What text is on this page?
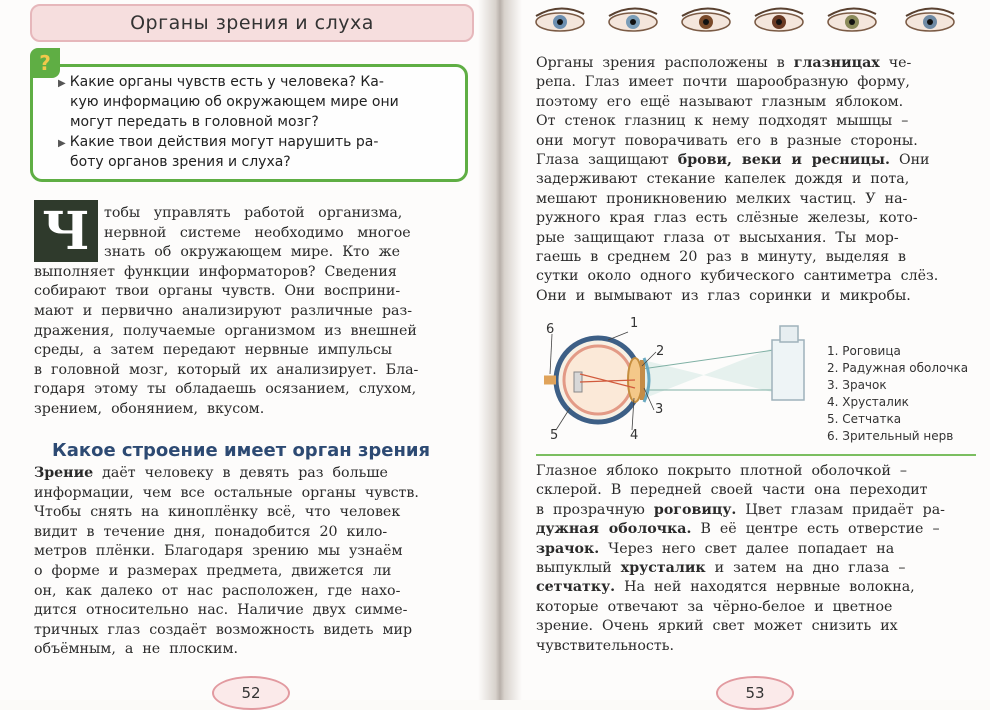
Органы зрения и слуха
?
▶ Какие органы чувств есть у человека? Ка-
кую информацию об окружающем мире они
могут передать в головной мозг?
▶ Какие твои действия могут нарушить ра-
боту органов зрения и слуха?
Ч	тобы   управлять   работой   организма,
нервной   системе   необходимо   многое
знать  об  окружающем  мире.  Кто  же
выполняет  функции  информаторов?  Сведения
собирают  твои  органы  чувств.  Они  восприни-
мают  и  первично  анализируют  различные  раз-
дражения,  получаемые  организмом  из  внешней
среды,  а  затем  передают  нервные  импульсы
в  головной  мозг,  который  их  анализирует.  Бла-
годаря  этому  ты  обладаешь  осязанием,  слухом,
зрением,  обонянием,  вкусом.
Какое строение имеет орган зрения
Зрение  даёт  человеку  в  девять  раз  больше
информации,  чем  все  остальные  органы  чувств.
Чтобы  снять  на  киноплёнку  всё,  что  человек
видит  в  течение  дня,  понадобится  20  кило-
метров  плёнки.  Благодаря  зрению  мы  узнаём
о  форме  и  размерах  предмета,  движется  ли
он,  как  далеко  от  нас  расположен,  где  нахо-
дится  относительно  нас.  Наличие  двух  симме-
тричных  глаз  создаёт  возможность  видеть  мир
объёмным,  а  не  плоским.
52
Органы  зрения  расположены  в  глазницах  че-
репа.  Глаз  имеет  почти  шарообразную  форму,
поэтому  его  ещё  называют  глазным  яблоком.
От  стенок  глазниц  к  нему  подходят  мышцы  –
они  могут  поворачивать  его  в  разные  стороны.
Глаза  защищают  брови,  веки  и  ресницы.  Они
задерживают  стекание  капелек  дождя  и  пота,
мешают  проникновению  мелких  частиц.  У  на-
ружного  края  глаз  есть  слёзные  железы,  кото-
рые  защищают  глаза  от  высыхания.  Ты  мор-
гаешь  в  среднем  20  раз  в  минуту,  выделяя  в
сутки  около  одного  кубического  сантиметра  слёз.
Они  и  вымывают  из  глаз  соринки  и  микробы.
1
2
3
4
5
6
1. Роговица
2. Радужная оболочка
3. Зрачок
4. Хрусталик
5. Сетчатка
6. Зрительный нерв
Глазное  яблоко  покрыто  плотной  оболочкой  –
склерой.  В  передней  своей  части  она  переходит
в  прозрачную  роговицу.  Цвет  глазам  придаёт  ра-
дужная  оболочка.  В  её  центре  есть  отверстие  –
зрачок.  Через  него  свет  далее  попадает  на
выпуклый  хрусталик  и  затем  на  дно  глаза  –
сетчатку.  На  ней  находятся  нервные  волокна,
которые  отвечают  за  чёрно-белое  и  цветное
зрение.  Очень  яркий  свет  может  снизить  их
чувствительность.
53
